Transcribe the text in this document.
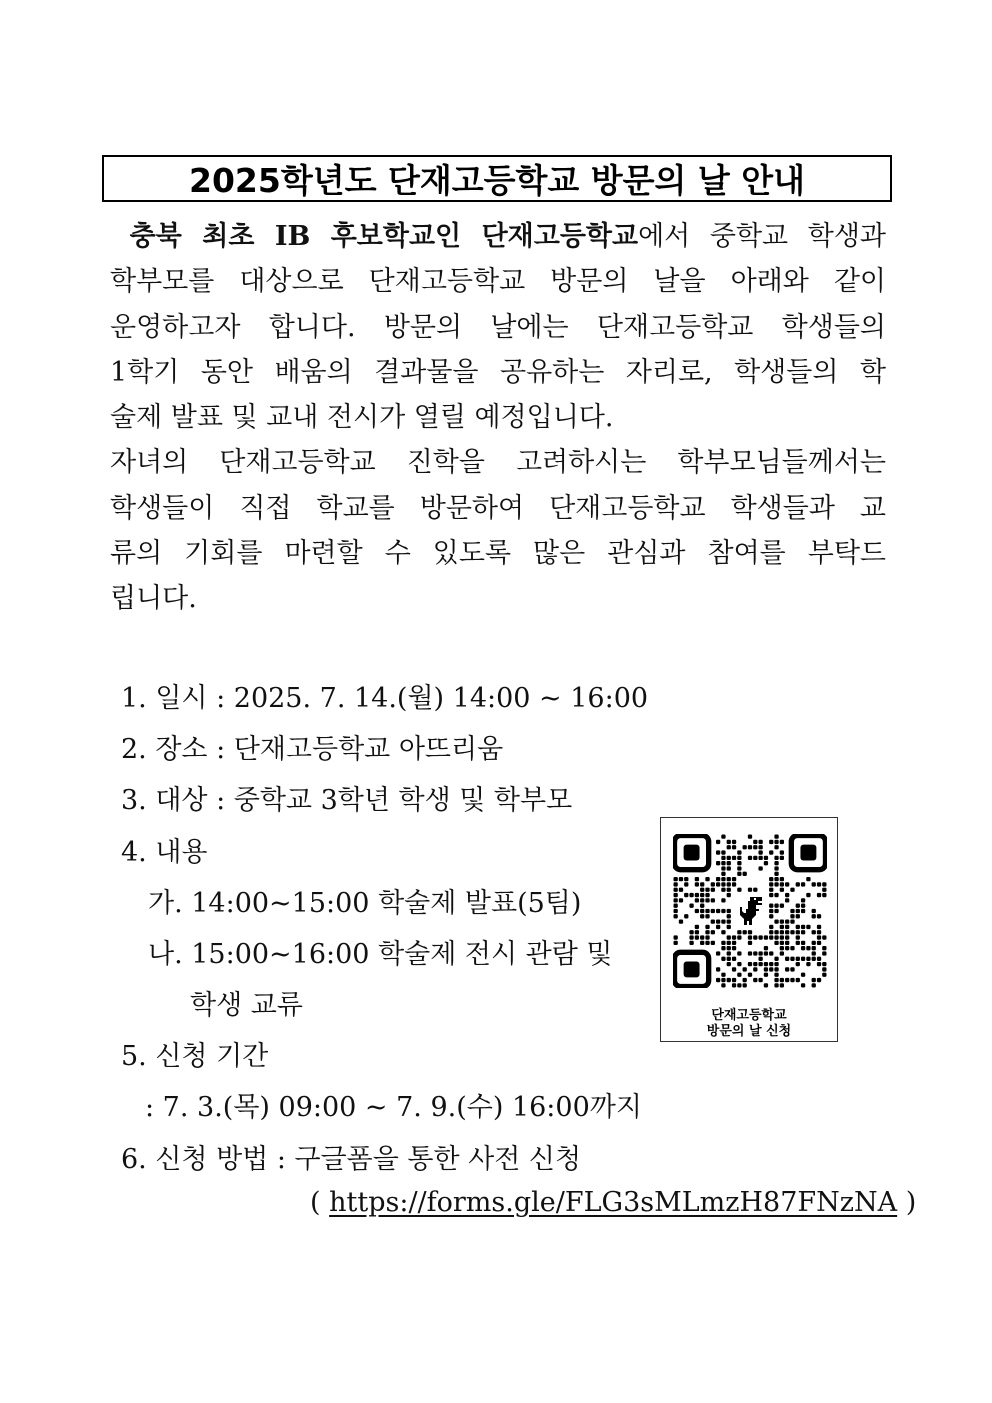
2025학년도 단재고등학교 방문의 날 안내
충북 최초 IB 후보학교인 단재고등학교에서 중학교 학생과
학부모를 대상으로 단재고등학교 방문의 날을 아래와 같이
운영하고자 합니다. 방문의 날에는 단재고등학교 학생들의
1학기 동안 배움의 결과물을 공유하는 자리로, 학생들의 학
술제 발표 및 교내 전시가 열릴 예정입니다.
자녀의 단재고등학교 진학을 고려하시는 학부모님들께서는
학생들이 직접 학교를 방문하여 단재고등학교 학생들과 교
류의 기회를 마련할 수 있도록 많은 관심과 참여를 부탁드
립니다.
1. 일시 : 2025. 7. 14.(월) 14:00 ~ 16:00
2. 장소 : 단재고등학교 아뜨리움
3. 대상 : 중학교 3학년 학생 및 학부모
4. 내용
가. 14:00~15:00 학술제 발표(5팀)
나. 15:00~16:00 학술제 전시 관람 및
학생 교류
5. 신청 기간
: 7. 3.(목) 09:00 ~ 7. 9.(수) 16:00까지
6. 신청 방법 : 구글폼을 통한 사전 신청
( https://forms.gle/FLG3sMLmzH87FNzNA )
단재고등학교
방문의 날 신청
